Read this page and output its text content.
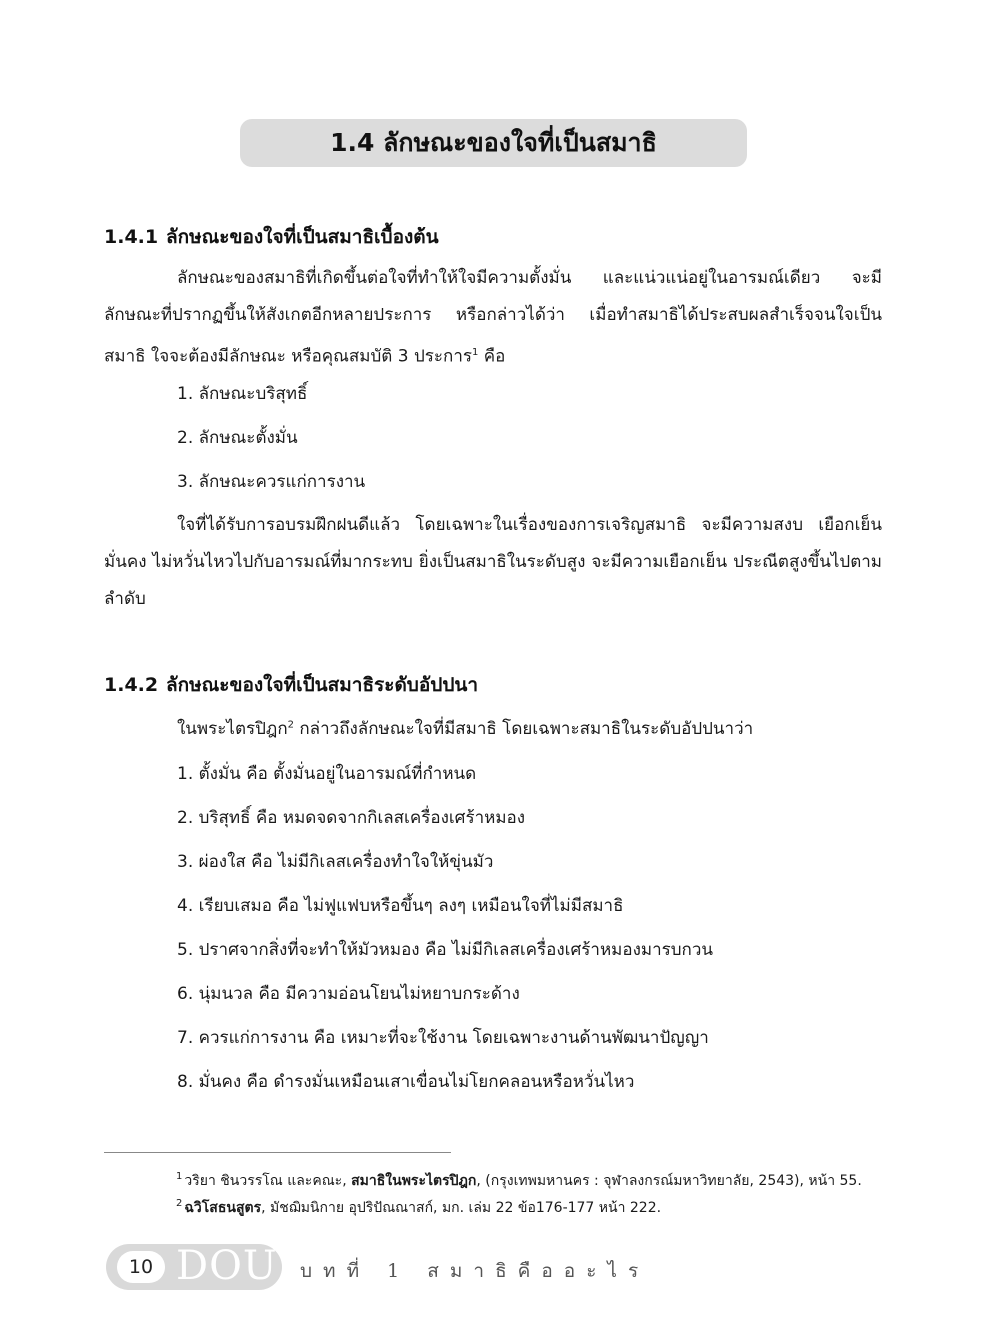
1.4 ลักษณะของใจที่เป็นสมาธิ
1.4.1 ลักษณะของใจที่เป็นสมาธิเบื้องต้น

ลักษณะของสมาธิที่เกิดขึ้นต่อใจที่ทำให้ใจมีความตั้งมั่น และแน่วแน่อยู่ในอารมณ์เดียว จะมีลักษณะที่ปรากฏขึ้นให้สังเกตอีกหลายประการ หรือกล่าวได้ว่า เมื่อทำสมาธิได้ประสบผลสำเร็จจนใจเป็นสมาธิ ใจจะต้องมีลักษณะ หรือคุณสมบัติ 3 ประการ$^1$ คือ

1. ลักษณะบริสุทธิ์
2. ลักษณะตั้งมั่น
3. ลักษณะควรแก่การงาน

ใจที่ได้รับการอบรมฝึกฝนดีแล้ว โดยเฉพาะในเรื่องของการเจริญสมาธิ จะมีความสงบ เยือกเย็น มั่นคง ไม่หวั่นไหวไปกับอารมณ์ที่มากระทบ ยิ่งเป็นสมาธิในระดับสูง จะมีความเยือกเย็น ประณีตสูงขึ้นไปตามลำดับ

1.4.2 ลักษณะของใจที่เป็นสมาธิระดับอัปปนา
ในพระไตรปิฎก$^2$ กล่าวถึงลักษณะใจที่มีสมาธิ โดยเฉพาะสมาธิในระดับอัปปนาว่า
1. ตั้งมั่น คือ ตั้งมั่นอยู่ในอารมณ์ที่กำหนด
2. บริสุทธิ์ คือ หมดจดจากกิเลสเครื่องเศร้าหมอง
3. ผ่องใส คือ ไม่มีกิเลสเครื่องทำใจให้ขุ่นมัว
4. เรียบเสมอ คือ ไม่ฟูแฟบหรือขึ้นๆ ลงๆ เหมือนใจที่ไม่มีสมาธิ
5. ปราศจากสิ่งที่จะทำให้มัวหมอง คือ ไม่มีกิเลสเครื่องเศร้าหมองมารบกวน
6. นุ่มนวล คือ มีความอ่อนโยนไม่หยาบกระด้าง
7. ควรแก่การงาน คือ เหมาะที่จะใช้งาน โดยเฉพาะงานด้านพัฒนาปัญญา
8. มั่นคง คือ ดำรงมั่นเหมือนเสาเขื่อนไม่โยกคลอนหรือหวั่นไหว
$^1$ วริยา ชินวรรโณ และคณะ, สมาธิในพระไตรปิฎก, (กรุงเทพมหานคร : จุฬาลงกรณ์มหาวิทยาลัย, 2543), หน้า 55.
$^2$ ฉวิโสธนสูตร, มัชฌิมนิกาย อุปริปัณณาสก์, มก. เล่ม 22 ข้อ176-177 หน้า 222.
10 DOU บทที่ 1 สมาธิคืออะไร
